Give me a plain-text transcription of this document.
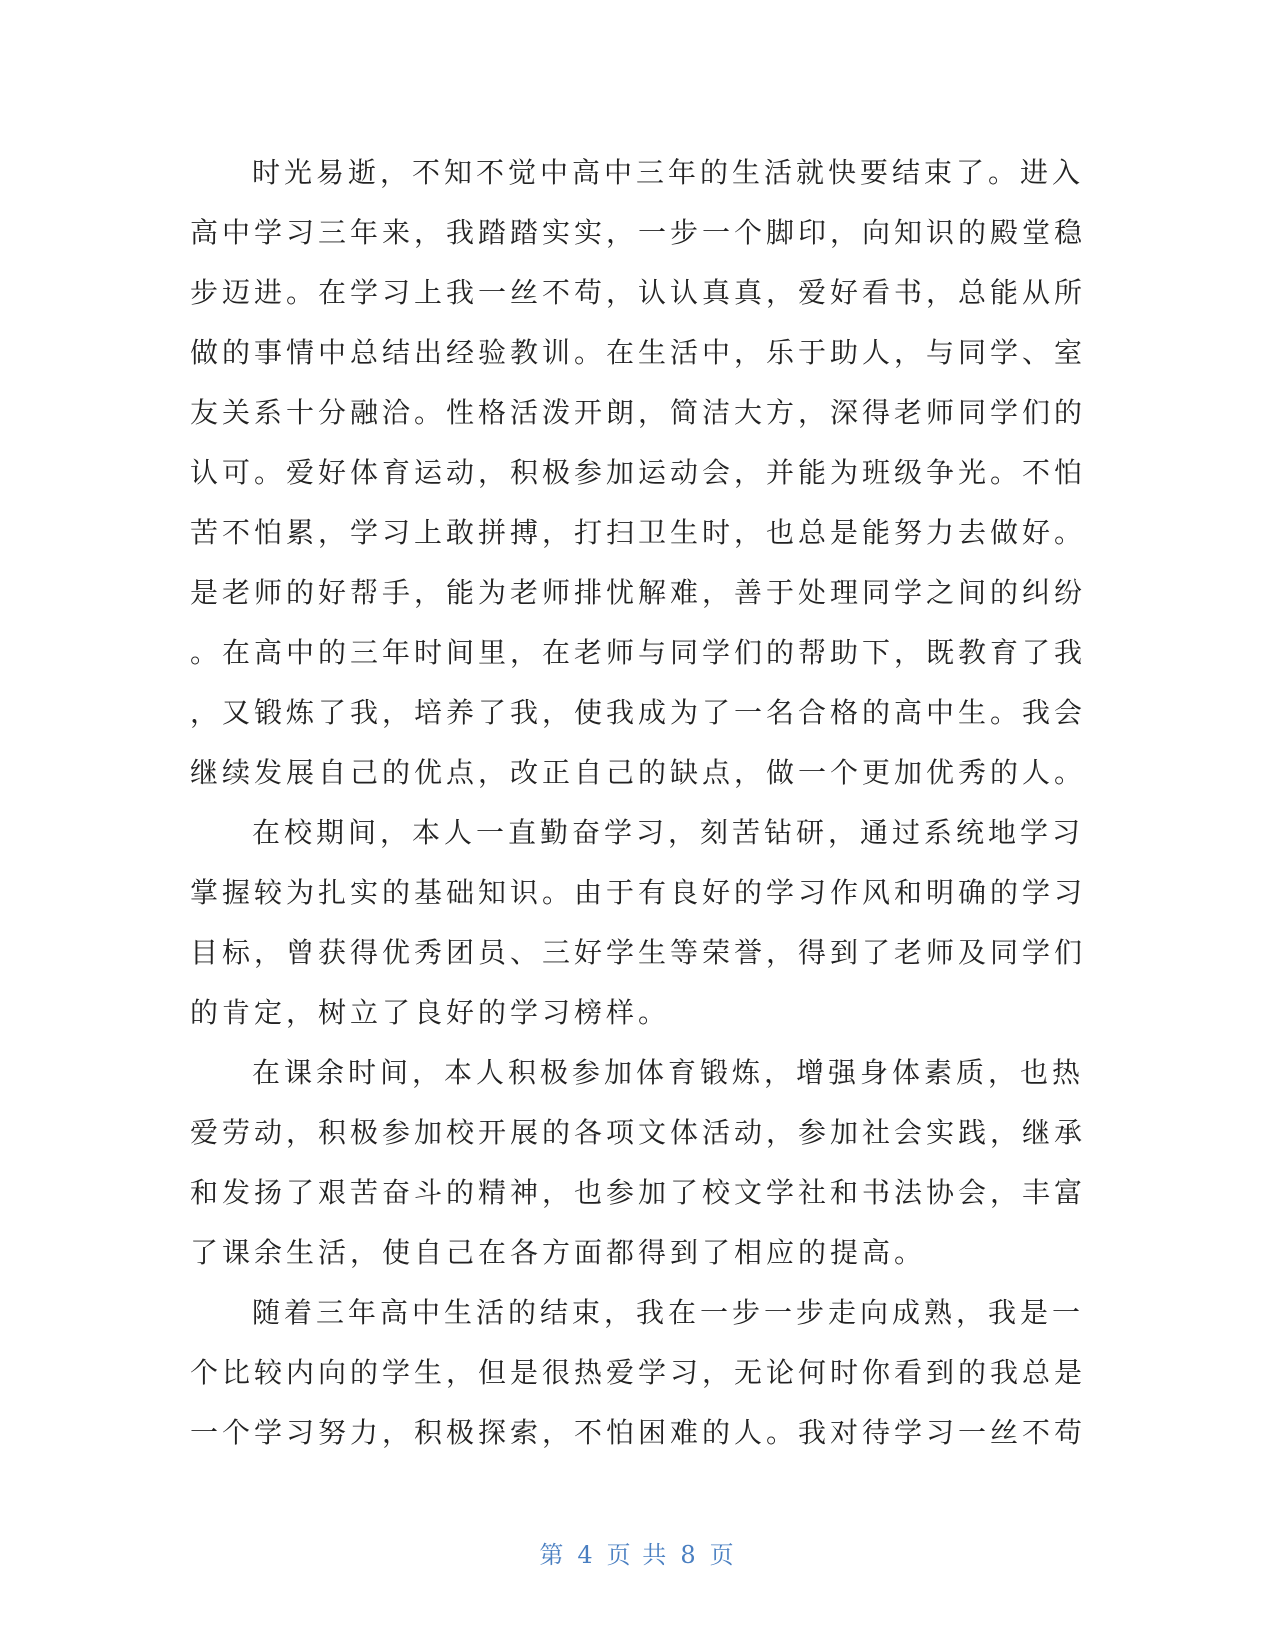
时光易逝，不知不觉中高中三年的生活就快要结束了。进入
高中学习三年来，我踏踏实实，一步一个脚印，向知识的殿堂稳
步迈进。在学习上我一丝不苟，认认真真，爱好看书，总能从所
做的事情中总结出经验教训。在生活中，乐于助人，与同学、室
友关系十分融洽。性格活泼开朗，简洁大方，深得老师同学们的
认可。爱好体育运动，积极参加运动会，并能为班级争光。不怕
苦不怕累，学习上敢拼搏，打扫卫生时，也总是能努力去做好。
是老师的好帮手，能为老师排忧解难，善于处理同学之间的纠纷
。在高中的三年时间里，在老师与同学们的帮助下，既教育了我
，又锻炼了我，培养了我，使我成为了一名合格的高中生。我会
继续发展自己的优点，改正自己的缺点，做一个更加优秀的人。
在校期间，本人一直勤奋学习，刻苦钻研，通过系统地学习
掌握较为扎实的基础知识。由于有良好的学习作风和明确的学习
目标，曾获得优秀团员、三好学生等荣誉，得到了老师及同学们
的肯定，树立了良好的学习榜样。
在课余时间，本人积极参加体育锻炼，增强身体素质，也热
爱劳动，积极参加校开展的各项文体活动，参加社会实践，继承
和发扬了艰苦奋斗的精神，也参加了校文学社和书法协会，丰富
了课余生活，使自己在各方面都得到了相应的提高。
随着三年高中生活的结束，我在一步一步走向成熟，我是一
个比较内向的学生，但是很热爱学习，无论何时你看到的我总是
一个学习努力，积极探索，不怕困难的人。我对待学习一丝不苟
第 4 页 共 8 页
